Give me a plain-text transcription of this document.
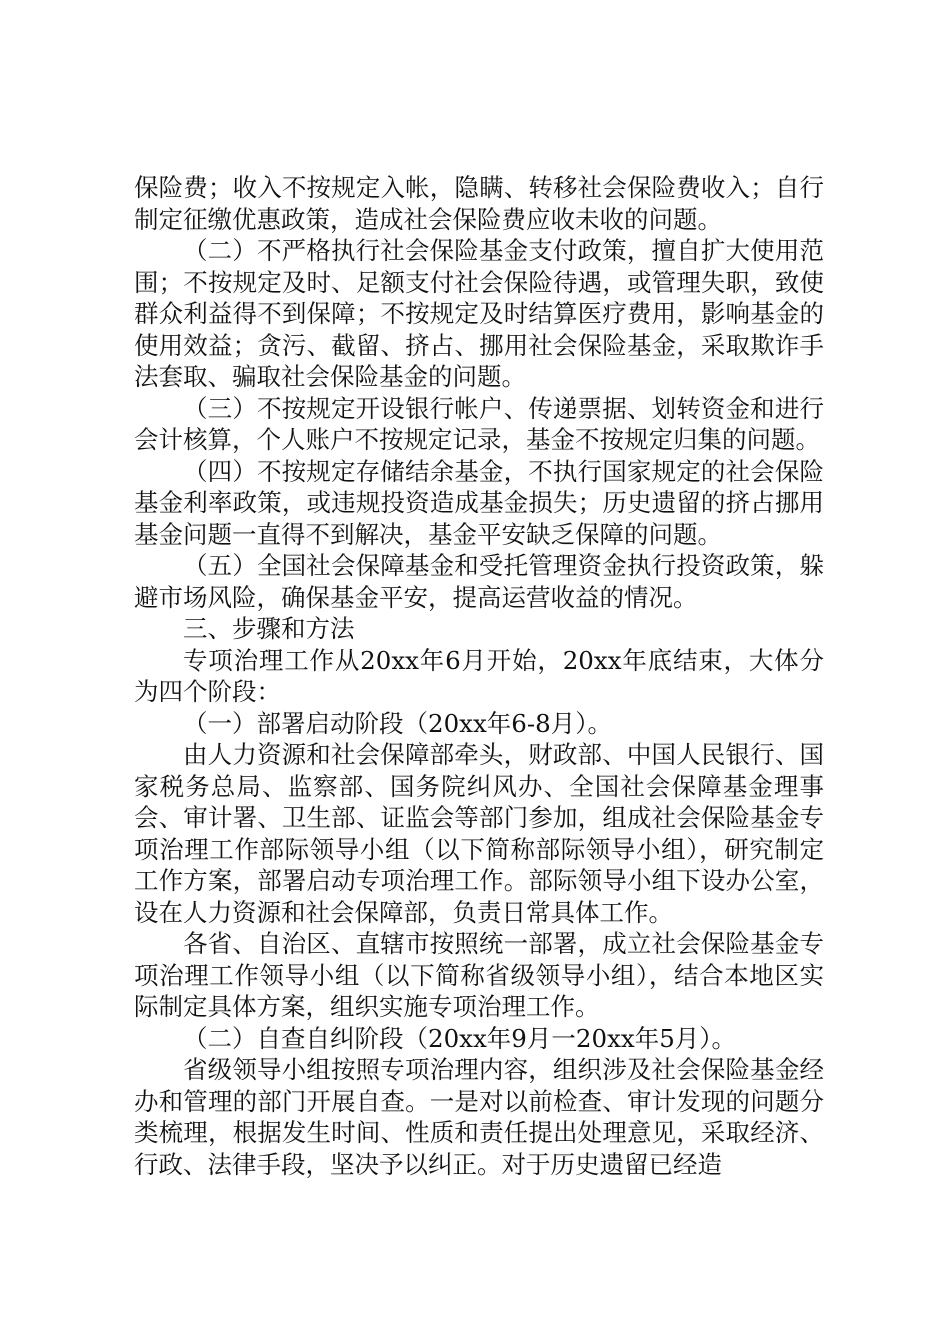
保险费；收入不按规定入帐，隐瞒、转移社会保险费收入；自行制定征缴优惠政策，造成社会保险费应收未收的问题。

（二）不严格执行社会保险基金支付政策，擅自扩大使用范围；不按规定及时、足额支付社会保险待遇，或管理失职，致使群众利益得不到保障；不按规定及时结算医疗费用，影响基金的使用效益；贪污、截留、挤占、挪用社会保险基金，采取欺诈手法套取、骗取社会保险基金的问题。

（三）不按规定开设银行帐户、传递票据、划转资金和进行会计核算，个人账户不按规定记录，基金不按规定归集的问题。

（四）不按规定存储结余基金，不执行国家规定的社会保险基金利率政策，或违规投资造成基金损失；历史遗留的挤占挪用基金问题一直得不到解决，基金平安缺乏保障的问题。

（五）全国社会保障基金和受托管理资金执行投资政策，躲避市场风险，确保基金平安，提高运营收益的情况。

三、步骤和方法

专项治理工作从20xx年6月开始，20xx年底结束，大体分为四个阶段：

（一）部署启动阶段（20xx年6-8月）。

由人力资源和社会保障部牵头，财政部、中国人民银行、国家税务总局、监察部、国务院纠风办、全国社会保障基金理事会、审计署、卫生部、证监会等部门参加，组成社会保险基金专项治理工作部际领导小组（以下简称部际领导小组），研究制定工作方案，部署启动专项治理工作。部际领导小组下设办公室，设在人力资源和社会保障部，负责日常具体工作。

各省、自治区、直辖市按照统一部署，成立社会保险基金专项治理工作领导小组（以下简称省级领导小组），结合本地区实际制定具体方案，组织实施专项治理工作。

（二）自查自纠阶段（20xx年9月一20xx年5月）。

省级领导小组按照专项治理内容，组织涉及社会保险基金经办和管理的部门开展自查。一是对以前检查、审计发现的问题分类梳理，根据发生时间、性质和责任提出处理意见，采取经济、行政、法律手段，坚决予以纠正。对于历史遗留已经造
